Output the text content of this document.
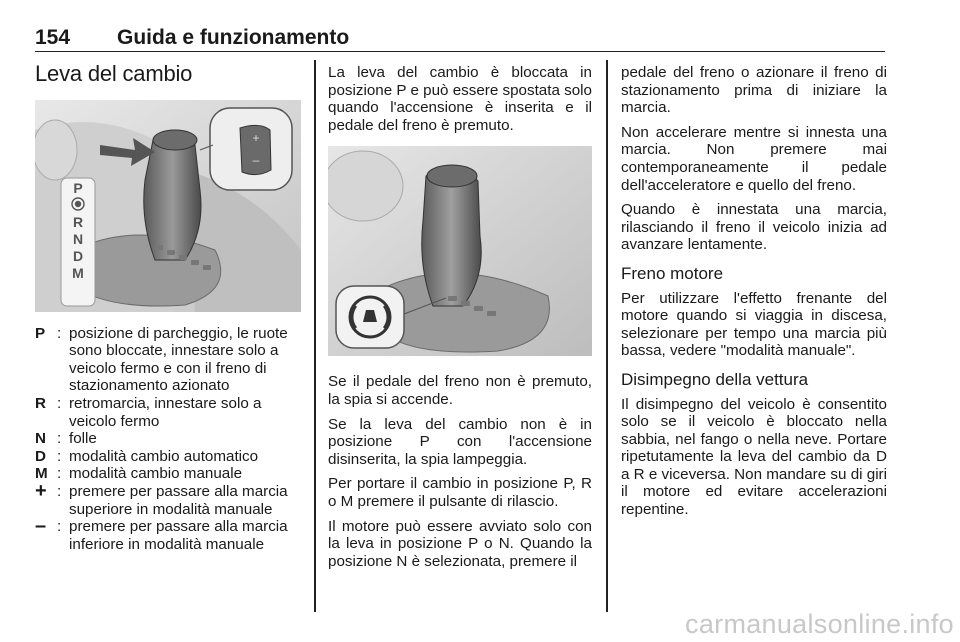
154 Guida e funzionamento
Leva del cambio
+
–
P
R
N
D
M
P : posizione di parcheggio, le ruote sono bloccate, innestare solo a veicolo fermo e con il freno di stazionamento azionato
R : retromarcia, innestare solo a veicolo fermo
N : folle
D : modalità cambio automatico
M : modalità cambio manuale
+ : premere per passare alla marcia superiore in modalità manuale
– : premere per passare alla marcia inferiore in modalità manuale

La leva del cambio è bloccata in posizione P e può essere spostata solo quando l'accensione è inserita e il pedale del freno è premuto.

Se il pedale del freno non è premuto, la spia si accende.

Se la leva del cambio non è in posizione P con l'accensione disinserita, la spia lampeggia.

Per portare il cambio in posizione P, R o M premere il pulsante di rilascio.

Il motore può essere avviato solo con la leva in posizione P o N. Quando la posizione N è selezionata, premere il

pedale del freno o azionare il freno di stazionamento prima di iniziare la marcia.

Non accelerare mentre si innesta una marcia. Non premere mai contemporaneamente il pedale dell'acceleratore e quello del freno.

Quando è innestata una marcia, rilasciando il freno il veicolo inizia ad avanzare lentamente.

Freno motore

Per utilizzare l'effetto frenante del motore quando si viaggia in discesa, selezionare per tempo una marcia più bassa, vedere "modalità manuale".

Disimpegno della vettura

Il disimpegno del veicolo è consentito solo se il veicolo è bloccato nella sabbia, nel fango o nella neve. Portare ripetutamente la leva del cambio da D a R e viceversa. Non mandare su di giri il motore ed evitare accelerazioni repentine.

carmanualsonline.info
